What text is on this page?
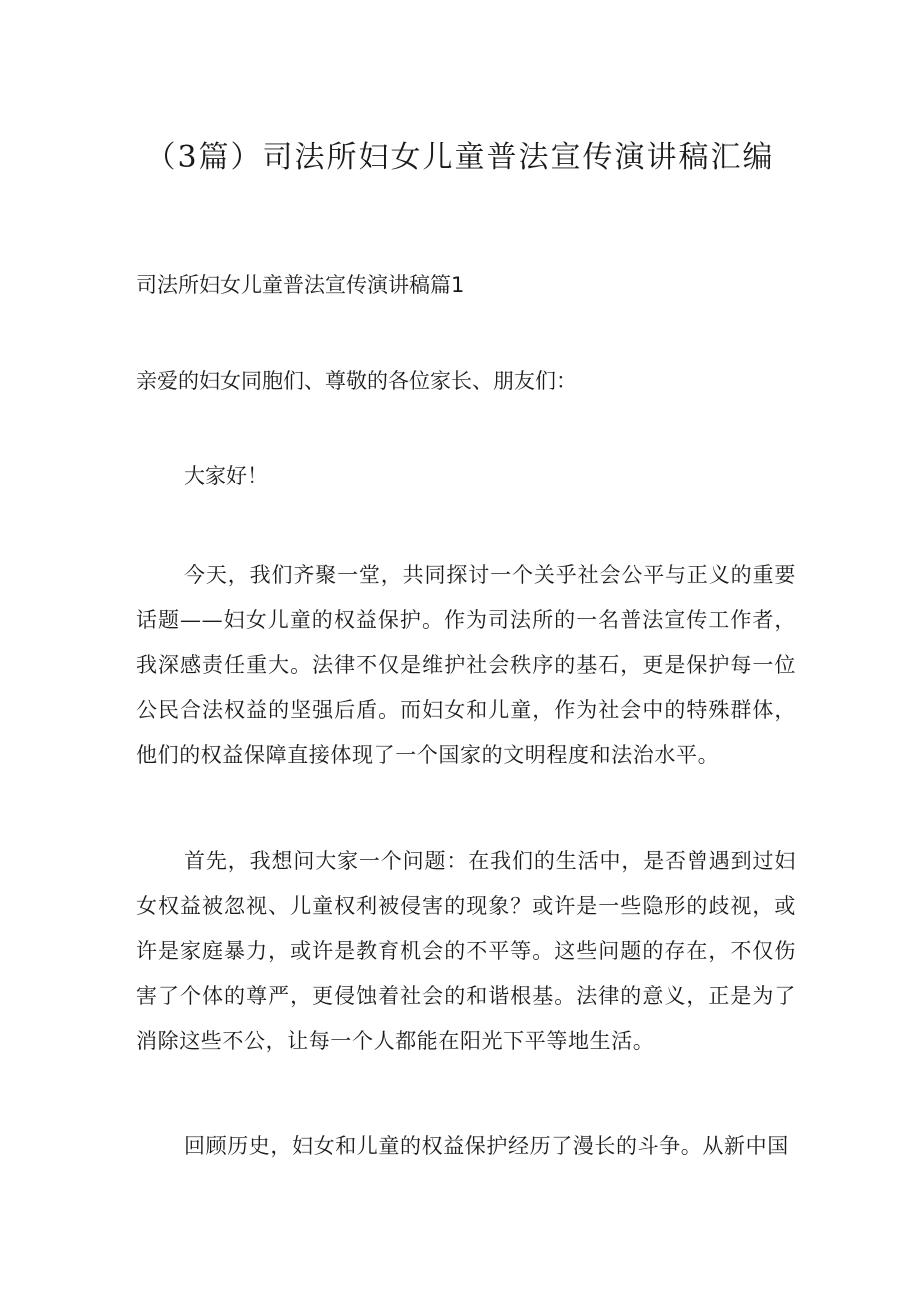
（3篇）司法所妇女儿童普法宣传演讲稿汇编
司法所妇女儿童普法宣传演讲稿篇1

亲爱的妇女同胞们、尊敬的各位家长、朋友们：

大家好！

今天，我们齐聚一堂，共同探讨一个关乎社会公平与正义的重要话题——妇女儿童的权益保护。作为司法所的一名普法宣传工作者，我深感责任重大。法律不仅是维护社会秩序的基石，更是保护每一位公民合法权益的坚强后盾。而妇女和儿童，作为社会中的特殊群体，他们的权益保障直接体现了一个国家的文明程度和法治水平。

首先，我想问大家一个问题：在我们的生活中，是否曾遇到过妇女权益被忽视、儿童权利被侵害的现象？或许是一些隐形的歧视，或许是家庭暴力，或许是教育机会的不平等。这些问题的存在，不仅伤害了个体的尊严，更侵蚀着社会的和谐根基。法律的意义，正是为了消除这些不公，让每一个人都能在阳光下平等地生活。

回顾历史，妇女和儿童的权益保护经历了漫长的斗争。从新中国
